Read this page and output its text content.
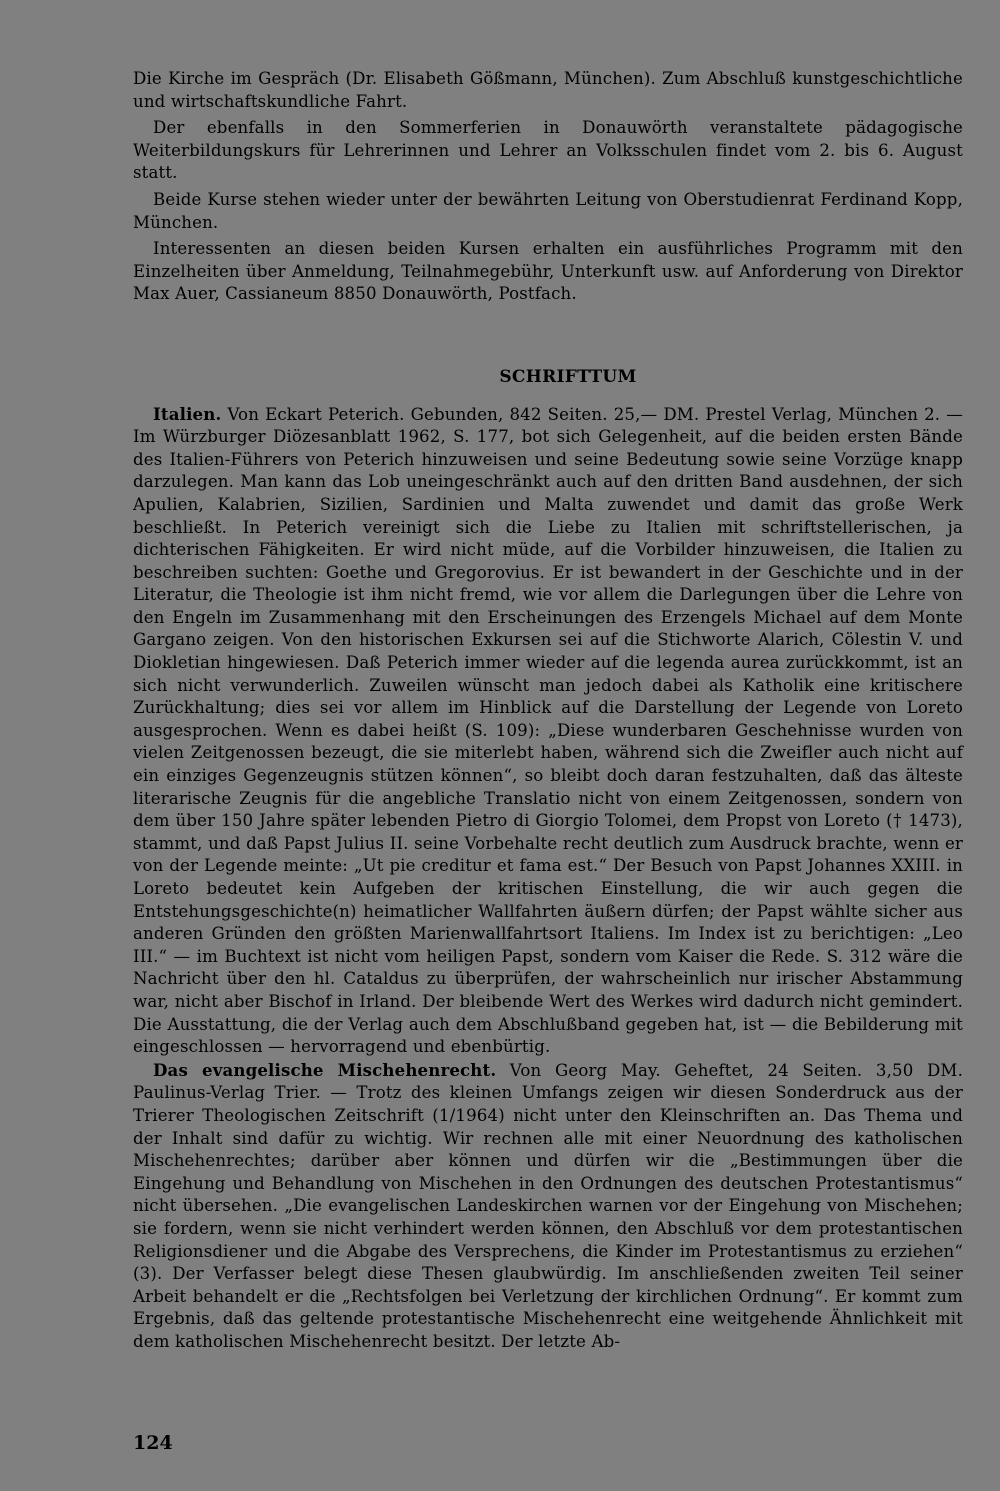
Die Kirche im Gespräch (Dr. Elisabeth Gößmann, München). Zum Abschluß kunstgeschichtliche und wirtschaftskundliche Fahrt.

Der ebenfalls in den Sommerferien in Donauwörth veranstaltete pädagogische Weiterbildungskurs für Lehrerinnen und Lehrer an Volksschulen findet vom 2. bis 6. August statt.

Beide Kurse stehen wieder unter der bewährten Leitung von Oberstudienrat Ferdinand Kopp, München.

Interessenten an diesen beiden Kursen erhalten ein ausführliches Programm mit den Einzelheiten über Anmeldung, Teilnahmegebühr, Unterkunft usw. auf Anforderung von Direktor Max Auer, Cassianeum 8850 Donauwörth, Postfach.

SCHRIFTTUM

Italien. Von Eckart Peterich. Gebunden, 842 Seiten. 25,— DM. Prestel Verlag, München 2. — Im Würzburger Diözesanblatt 1962, S. 177, bot sich Gelegenheit, auf die beiden ersten Bände des Italien-Führers von Peterich hinzuweisen und seine Bedeutung sowie seine Vorzüge knapp darzulegen. Man kann das Lob uneingeschränkt auch auf den dritten Band ausdehnen, der sich Apulien, Kalabrien, Sizilien, Sardinien und Malta zuwendet und damit das große Werk beschließt. In Peterich vereinigt sich die Liebe zu Italien mit schriftstellerischen, ja dichterischen Fähigkeiten. Er wird nicht müde, auf die Vorbilder hinzuweisen, die Italien zu beschreiben suchten: Goethe und Gregorovius. Er ist bewandert in der Geschichte und in der Literatur, die Theologie ist ihm nicht fremd, wie vor allem die Darlegungen über die Lehre von den Engeln im Zusammenhang mit den Erscheinungen des Erzengels Michael auf dem Monte Gargano zeigen. Von den historischen Exkursen sei auf die Stichworte Alarich, Cölestin V. und Diokletian hingewiesen. Daß Peterich immer wieder auf die legenda aurea zurückkommt, ist an sich nicht verwunderlich. Zuweilen wünscht man jedoch dabei als Katholik eine kritischere Zurückhaltung; dies sei vor allem im Hinblick auf die Darstellung der Legende von Loreto ausgesprochen. Wenn es dabei heißt (S. 109): „Diese wunderbaren Geschehnisse wurden von vielen Zeitgenossen bezeugt, die sie miterlebt haben, während sich die Zweifler auch nicht auf ein einziges Gegenzeugnis stützen können“, so bleibt doch daran festzuhalten, daß das älteste literarische Zeugnis für die angebliche Translatio nicht von einem Zeitgenossen, sondern von dem über 150 Jahre später lebenden Pietro di Giorgio Tolomei, dem Propst von Loreto († 1473), stammt, und daß Papst Julius II. seine Vorbehalte recht deutlich zum Ausdruck brachte, wenn er von der Legende meinte: „Ut pie creditur et fama est.“ Der Besuch von Papst Johannes XXIII. in Loreto bedeutet kein Aufgeben der kritischen Einstellung, die wir auch gegen die Entstehungsgeschichte(n) heimatlicher Wallfahrten äußern dürfen; der Papst wählte sicher aus anderen Gründen den größten Marienwallfahrtsort Italiens. Im Index ist zu berichtigen: „Leo III.“ — im Buchtext ist nicht vom heiligen Papst, sondern vom Kaiser die Rede. S. 312 wäre die Nachricht über den hl. Cataldus zu überprüfen, der wahrscheinlich nur irischer Abstammung war, nicht aber Bischof in Irland. Der bleibende Wert des Werkes wird dadurch nicht gemindert. Die Ausstattung, die der Verlag auch dem Abschlußband gegeben hat, ist — die Bebilderung mit eingeschlossen — hervorragend und ebenbürtig.

Das evangelische Mischehenrecht. Von Georg May. Geheftet, 24 Seiten. 3,50 DM. Paulinus-Verlag Trier. — Trotz des kleinen Umfangs zeigen wir diesen Sonderdruck aus der Trierer Theologischen Zeitschrift (1/1964) nicht unter den Kleinschriften an. Das Thema und der Inhalt sind dafür zu wichtig. Wir rechnen alle mit einer Neuordnung des katholischen Mischehenrechtes; darüber aber können und dürfen wir die „Bestimmungen über die Eingehung und Behandlung von Mischehen in den Ordnungen des deutschen Protestantismus“ nicht übersehen. „Die evangelischen Landeskirchen warnen vor der Eingehung von Mischehen; sie fordern, wenn sie nicht verhindert werden können, den Abschluß vor dem protestantischen Religionsdiener und die Abgabe des Versprechens, die Kinder im Protestantismus zu erziehen“ (3). Der Verfasser belegt diese Thesen glaubwürdig. Im anschließenden zweiten Teil seiner Arbeit behandelt er die „Rechtsfolgen bei Verletzung der kirchlichen Ordnung“. Er kommt zum Ergebnis, daß das geltende protestantische Mischehenrecht eine weitgehende Ähnlichkeit mit dem katholischen Mischehenrecht besitzt. Der letzte Ab-

124
